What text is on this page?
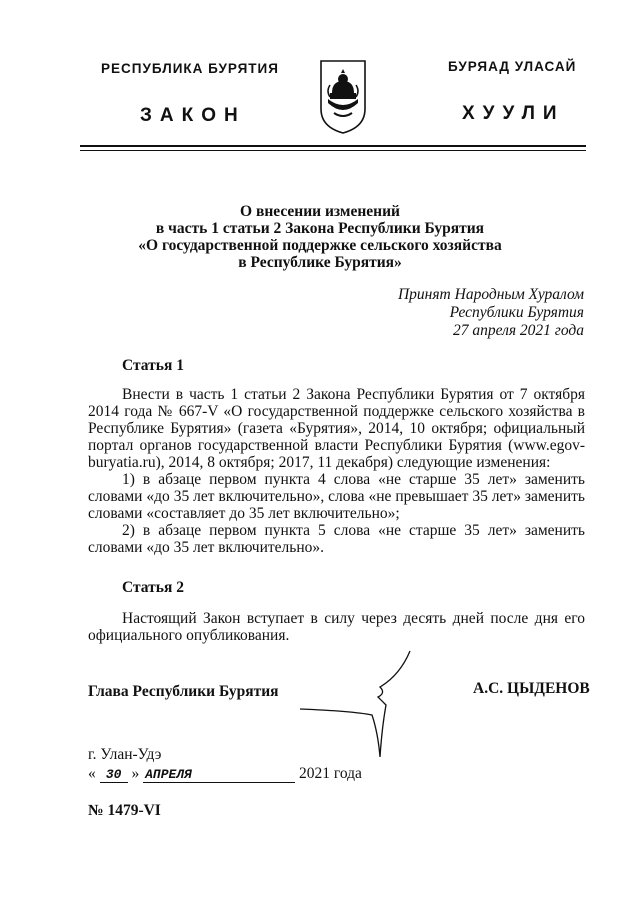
РЕСПУБЛИКА БУРЯТИЯ	БУРЯАД УЛАСАЙ
ЗАКОН	ХУУЛИ
О внесении изменений
в часть 1 статьи 2 Закона Республики Бурятия
«О государственной поддержке сельского хозяйства
в Республике Бурятия»
Принят Народным Хуралом
Республики Бурятия
27 апреля 2021 года
Статья 1

Внести в часть 1 статьи 2 Закона Республики Бурятия от 7 октября 2014 года № 667-V «О государственной поддержке сельского хозяйства в Республике Бурятия» (газета «Бурятия», 2014, 10 октября; официальный портал органов государственной власти Республики Бурятия (www.egov-buryatia.ru), 2014, 8 октября; 2017, 11 декабря) следующие изменения:

1) в абзаце первом пункта 4 слова «не старше 35 лет» заменить словами «до 35 лет включительно», слова «не превышает 35 лет» заменить словами «составляет до 35 лет включительно»;

2) в абзаце первом пункта 5 слова «не старше 35 лет» заменить словами «до 35 лет включительно».

Статья 2

Настоящий Закон вступает в силу через десять дней после дня его официального опубликования.

Глава Республики Бурятия	А.С. ЦЫДЕНОВ
г. Улан-Удэ
« 30 » АПРЕЛЯ	2021 года
№ 1479-VI
